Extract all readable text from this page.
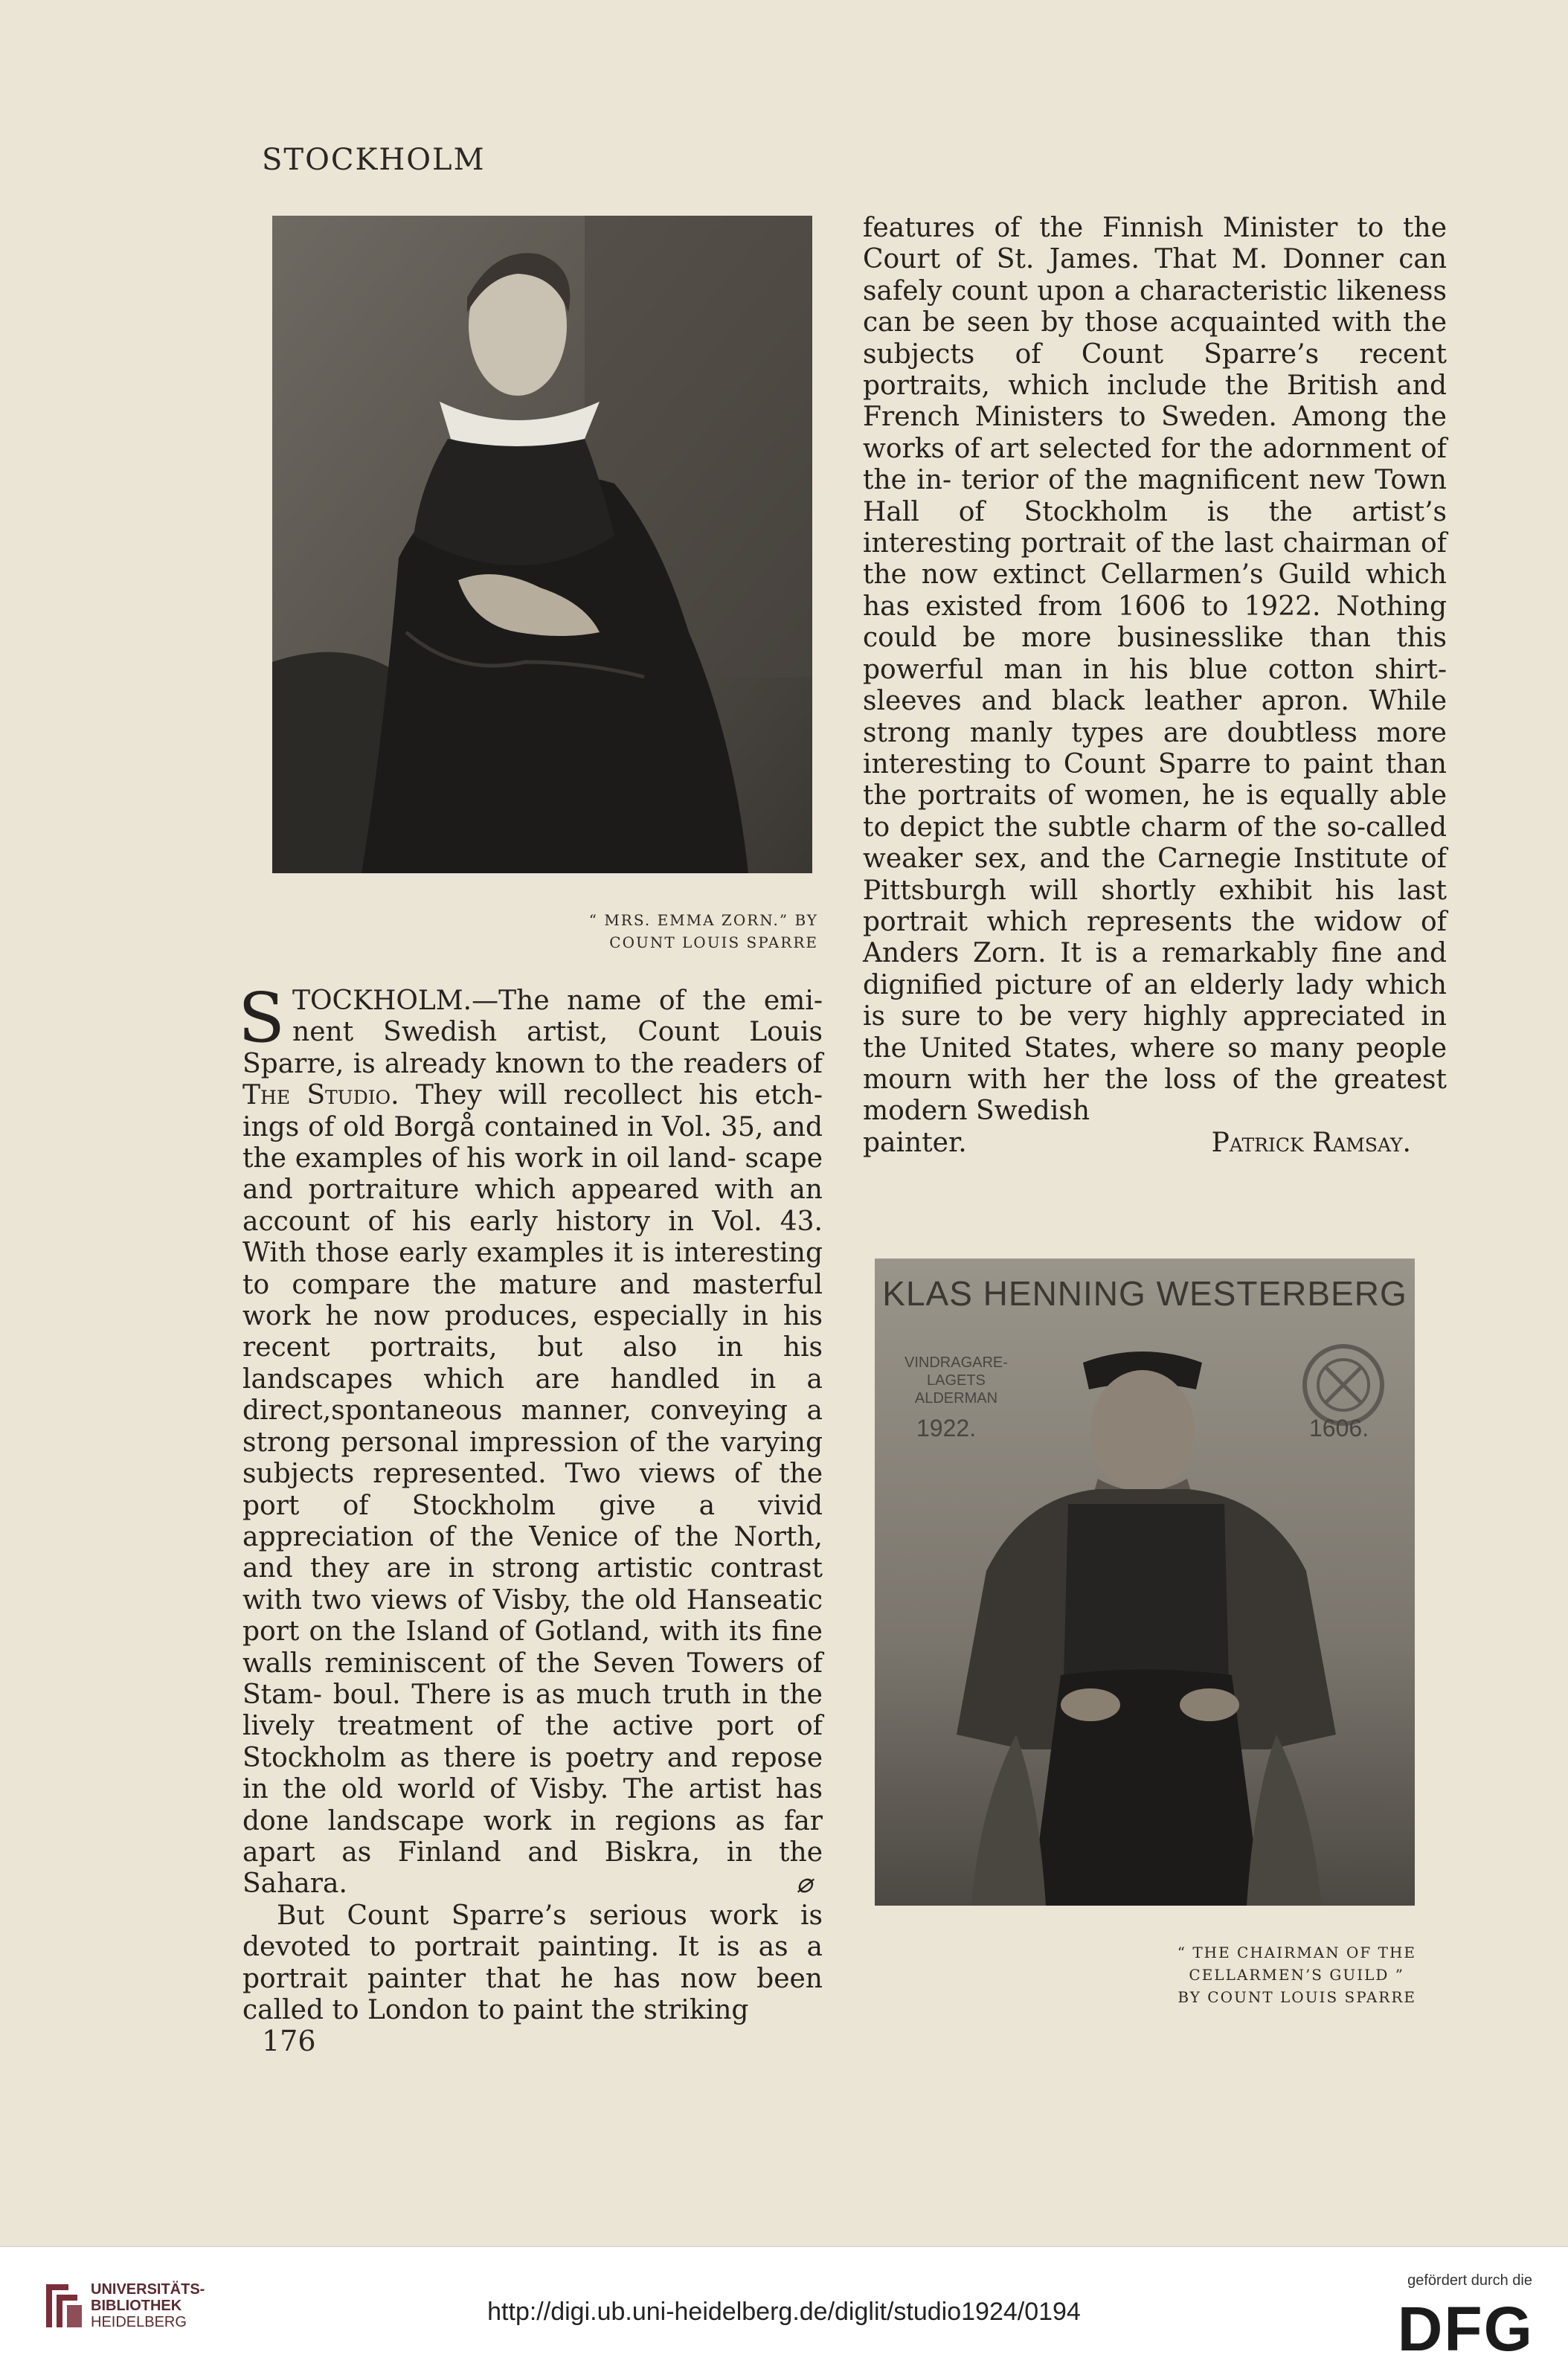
STOCKHOLM
“ MRS. EMMA ZORN.” BY
COUNT LOUIS SPARRE

STOCKHOLM.—The name of the emi- nent Swedish artist, Count Louis Sparre, is already known to the readers of The Studio. They will recollect his etch- ings of old Borgå contained in Vol. 35, and the examples of his work in oil land- scape and portraiture which appeared with an account of his early history in Vol. 43. With those early examples it is interesting to compare the mature and masterful work he now produces, especially in his recent portraits, but also in his landscapes which are handled in a direct,spontaneous manner, conveying a strong personal impression of the varying subjects represented. Two views of the port of Stockholm give a vivid appreciation of the Venice of the North, and they are in strong artistic contrast with two views of Visby, the old Hanseatic port on the Island of Gotland, with its fine walls reminiscent of the Seven Towers of Stam- boul. There is as much truth in the lively treatment of the active port of Stockholm as there is poetry and repose in the old world of Visby. The artist has done landscape work in regions as far apart as Finland and Biskra, in the Sahara.	⌀

But Count Sparre’s serious work is devoted to portrait painting. It is as a portrait painter that he has now been called to London to paint the striking

features of the Finnish Minister to the Court of St. James. That M. Donner can safely count upon a characteristic likeness can be seen by those acquainted with the subjects of Count Sparre’s recent portraits, which include the British and French Ministers to Sweden. Among the works of art selected for the adornment of the in- terior of the magnificent new Town Hall of Stockholm is the artist’s interesting portrait of the last chairman of the now extinct Cellarmen’s Guild which has existed from 1606 to 1922. Nothing could be more businesslike than this powerful man in his blue cotton shirt-sleeves and black leather apron. While strong manly types are doubtless more interesting to Count Sparre to paint than the portraits of women, he is equally able to depict the subtle charm of the so-called weaker sex, and the Carnegie Institute of Pittsburgh will shortly exhibit his last portrait which represents the widow of Anders Zorn. It is a remarkably fine and dignified picture of an elderly lady which is sure to be very highly appreciated in the United States, where so many people mourn with her the loss of the greatest modern Swedish

painter.	Patrick Ramsay.
KLAS HENNING WESTERBERG
VINDRAGARE-
LAGETS
ALDERMAN
1922.	1606.
“ THE CHAIRMAN OF THE
CELLARMEN’S GUILD ”
BY COUNT LOUIS SPARRE
176
UNIVERSITÄTS-
BIBLIOTHEK
HEIDELBERG	http://digi.ub.uni-heidelberg.de/diglit/studio1924/0194
gefördert durch die
DFG
